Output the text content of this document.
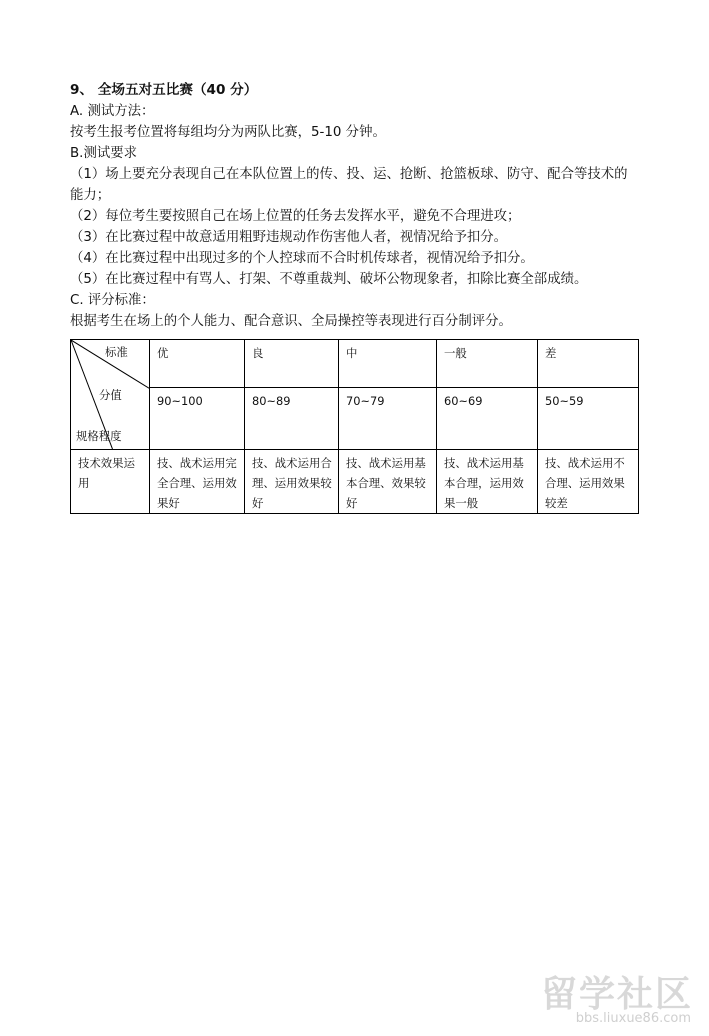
9、 全场五对五比赛（40 分）
A. 测试方法：
按考生报考位置将每组均分为两队比赛，5-10 分钟。
B.测试要求
（1）场上要充分表现自己在本队位置上的传、投、运、抢断、抢篮板球、防守、配合等技术的能力；
（2）每位考生要按照自己在场上位置的任务去发挥水平，避免不合理进攻；
（3）在比赛过程中故意适用粗野违规动作伤害他人者，视情况给予扣分。
（4）在比赛过程中出现过多的个人控球而不合时机传球者，视情况给予扣分。
（5）在比赛过程中有骂人、打架、不尊重裁判、破坏公物现象者，扣除比赛全部成绩。
C. 评分标准：
根据考生在场上的个人能力、配合意识、全局操控等表现进行百分制评分。
标准
分值
规格程度	优	良	中	一般	差
	90~100	80~89	70~79	60~69	50~59
技术效果运用	技、战术运用完全合理、运用效果好	技、战术运用合理、运用效果较好	技、战术运用基本合理、效果较好	技、战术运用基本合理，运用效果一般	技、战术运用不合理、运用效果较差
留学社区
bbs.liuxue86.com
